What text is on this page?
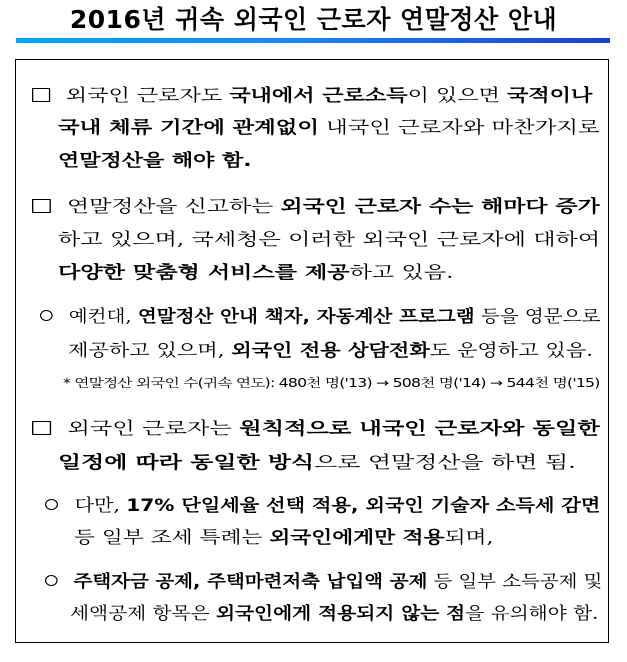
2016년 귀속 외국인 근로자 연말정산 안내
외국인 근로자도 국내에서 근로소득이 있으면 국적이나
국내 체류 기간에 관계없이 내국인 근로자와 마찬가지로
연말정산을 해야 함.
연말정산을 신고하는 외국인 근로자 수는 해마다 증가
하고 있으며, 국세청은 이러한 외국인 근로자에 대하여
다양한 맞춤형 서비스를 제공하고 있음.
예컨대, 연말정산 안내 책자, 자동계산 프로그램 등을 영문으로
제공하고 있으며, 외국인 전용 상담전화도 운영하고 있음.
* 연말정산 외국인 수(귀속 연도): 480천 명('13) → 508천 명('14) → 544천 명('15)
외국인 근로자는 원칙적으로 내국인 근로자와 동일한
일정에 따라 동일한 방식으로 연말정산을 하면 됨.
다만, 17% 단일세율 선택 적용, 외국인 기술자 소득세 감면
등 일부 조세 특례는 외국인에게만 적용되며,
주택자금 공제, 주택마련저축 납입액 공제 등 일부 소득공제 및
세액공제 항목은 외국인에게 적용되지 않는 점을 유의해야 함.
